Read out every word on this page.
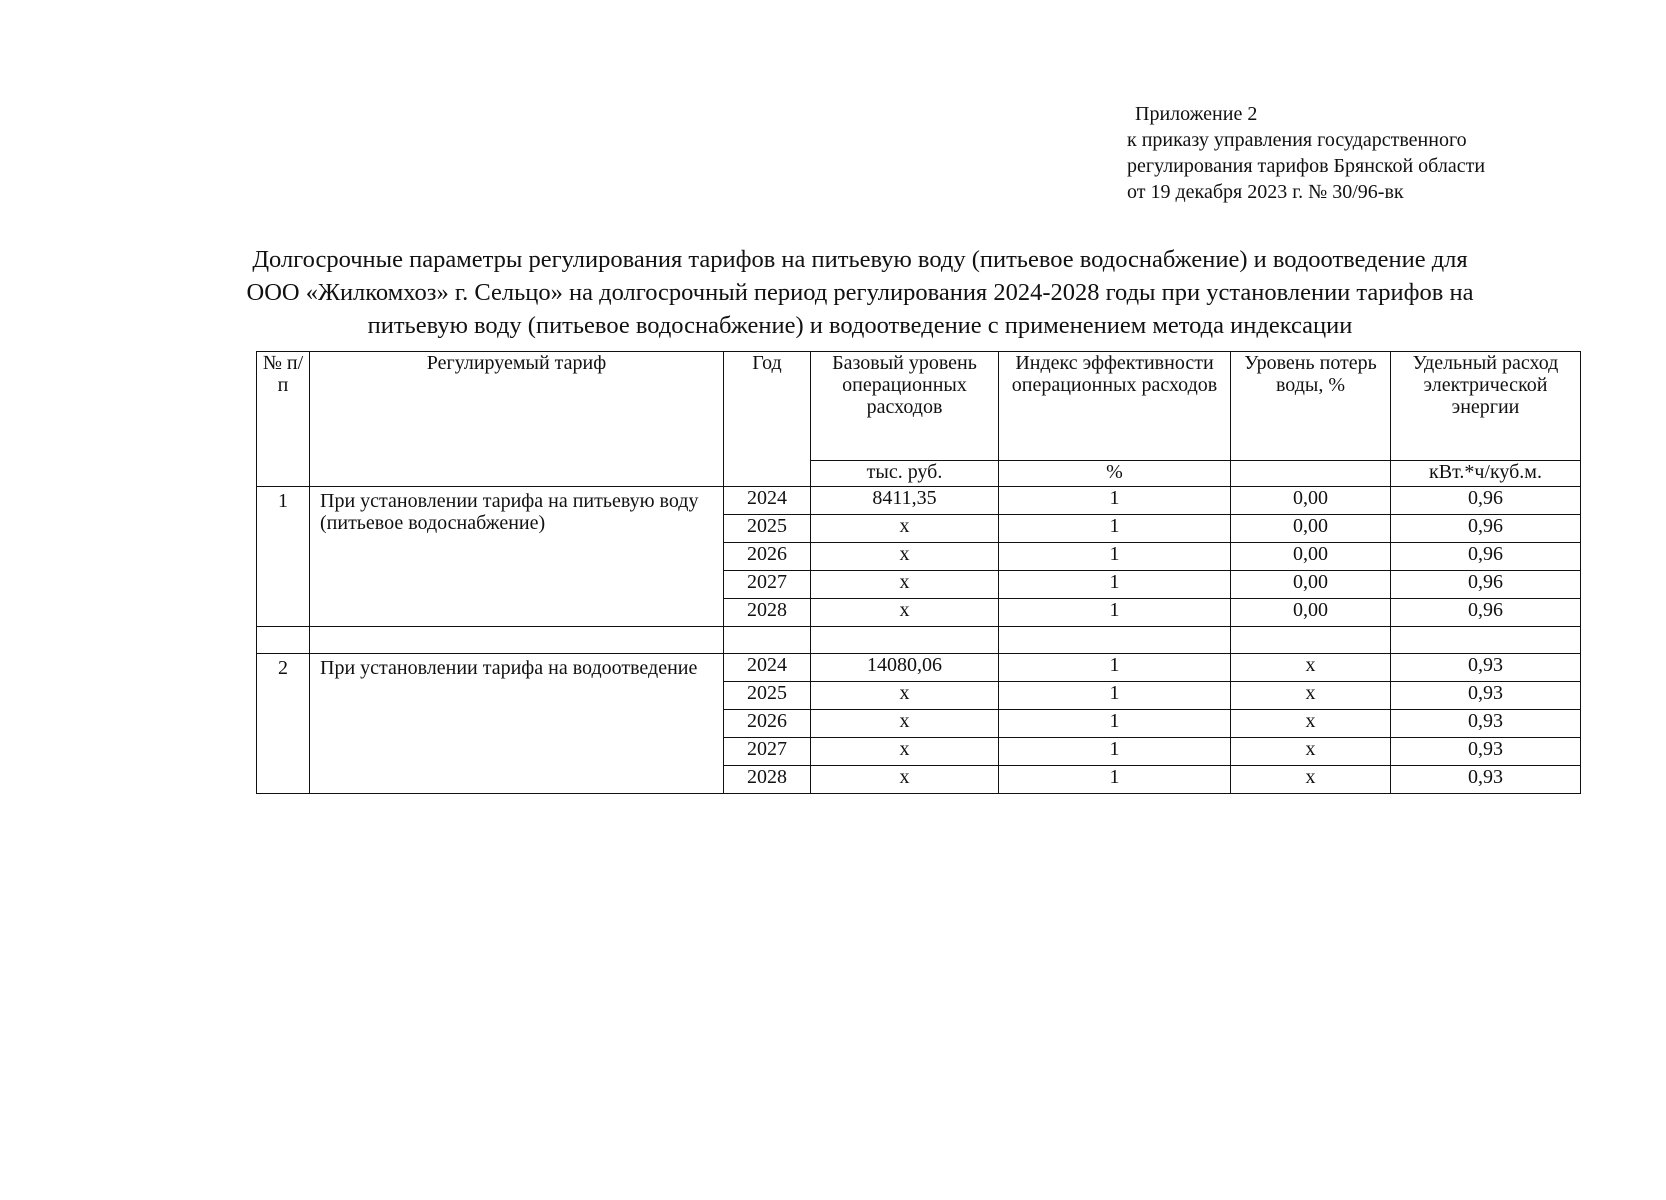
Приложение 2
к приказу управления государственного
регулирования тарифов Брянской области
от 19 декабря 2023 г. № 30/96-вк
Долгосрочные параметры регулирования тарифов на питьевую воду (питьевое водоснабжение) и водоотведение для
ООО «Жилкомхоз» г. Сельцо» на долгосрочный период регулирования 2024-2028 годы при установлении тарифов на
питьевую воду (питьевое водоснабжение) и водоотведение с применением метода индексации
№ п/п	Регулируемый тариф	Год	Базовый уровень операционных расходов	Индекс эффективности операционных расходов	Уровень потерь воды, %	Удельный расход электрической энергии
			тыс. руб.	%		кВт.*ч/куб.м.
1	При установлении тарифа на питьевую воду (питьевое водоснабжение)	2024	8411,35	1	0,00	0,96
		2025	x	1	0,00	0,96
		2026	x	1	0,00	0,96
		2027	x	1	0,00	0,96
		2028	x	1	0,00	0,96

2	При установлении тарифа на водоотведение	2024	14080,06	1	x	0,93
		2025	x	1	x	0,93
		2026	x	1	x	0,93
		2027	x	1	x	0,93
		2028	x	1	x	0,93
